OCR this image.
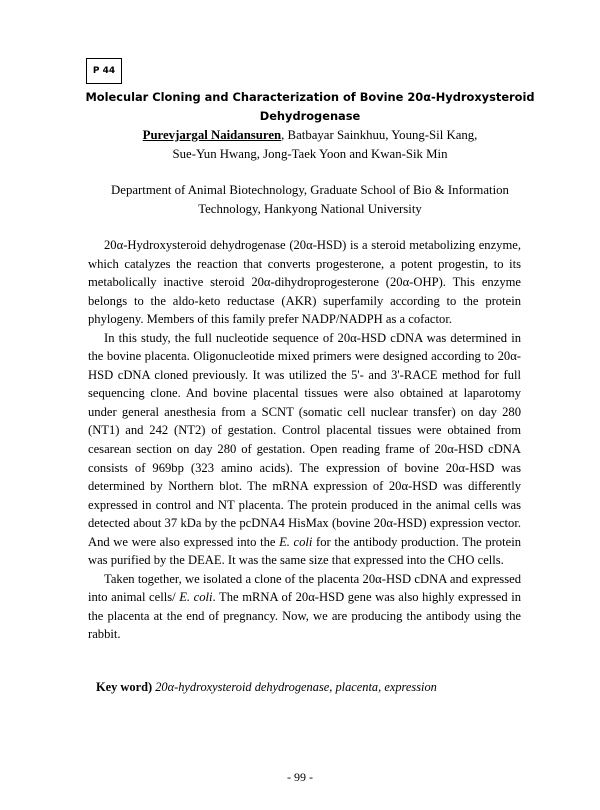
P 44
Molecular Cloning and Characterization of Bovine 20α-Hydroxysteroid
Dehydrogenase
Purevjargal Naidansuren, Batbayar Sainkhuu, Young-Sil Kang,
Sue-Yun Hwang, Jong-Taek Yoon and Kwan-Sik Min
Department of Animal Biotechnology, Graduate School of Bio & Information
Technology, Hankyong National University

20α-Hydroxysteroid dehydrogenase (20α-HSD) is a steroid metabolizing enzyme, which catalyzes the reaction that converts progesterone, a potent progestin, to its metabolically inactive steroid 20α-dihydroprogesterone (20α-OHP). This enzyme belongs to the aldo-keto reductase (AKR) superfamily according to the protein phylogeny. Members of this family prefer NADP/NADPH as a cofactor.

In this study, the full nucleotide sequence of 20α-HSD cDNA was determined in the bovine placenta. Oligonucleotide mixed primers were designed according to 20α-HSD cDNA cloned previously. It was utilized the 5'- and 3'-RACE method for full sequencing clone. And bovine placental tissues were also obtained at laparotomy under general anesthesia from a SCNT (somatic cell nuclear transfer) on day 280 (NT1) and 242 (NT2) of gestation. Control placental tissues were obtained from cesarean section on day 280 of gestation. Open reading frame of 20α-HSD cDNA consists of 969bp (323 amino acids). The expression of bovine 20α-HSD was determined by Northern blot. The mRNA expression of 20α-HSD was differently expressed in control and NT placenta. The protein produced in the animal cells was detected about 37 kDa by the pcDNA4 HisMax (bovine 20α-HSD) expression vector. And we were also expressed into the E. coli for the antibody production. The protein was purified by the DEAE. It was the same size that expressed into the CHO cells.

Taken together, we isolated a clone of the placenta 20α-HSD cDNA and expressed into animal cells/ E. coli. The mRNA of 20α-HSD gene was also highly expressed in the placenta at the end of pregnancy. Now, we are producing the antibody using the rabbit.

Key word) 20α-hydroxysteroid dehydrogenase, placenta, expression
- 99 -
